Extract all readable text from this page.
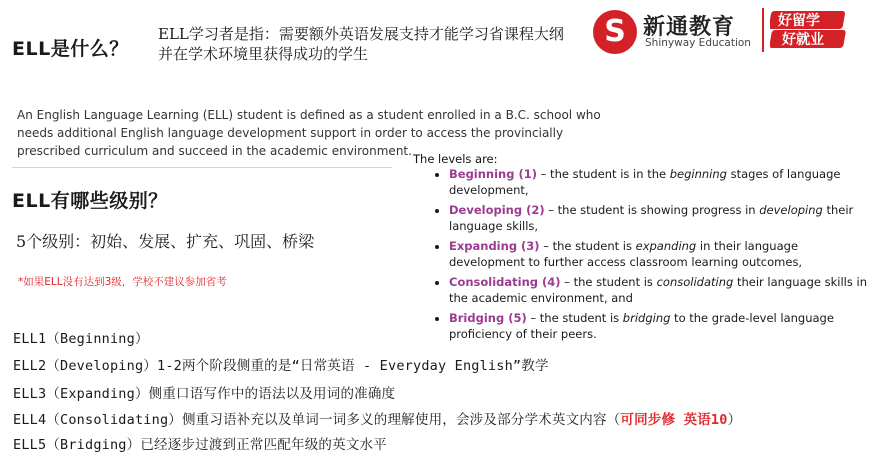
ELL是什么？
ELL学习者是指：需要额外英语发展支持才能学习省课程大纲并在学术环境里获得成功的学生
S 新通教育
Shinyway Education
好留学
好就业
An English Language Learning (ELL) student is defined as a student enrolled in a B.C. school who needs additional English language development support in order to access the provincially prescribed curriculum and succeed in the academic environment.
ELL有哪些级别？
5个级别：初始、发展、扩充、巩固、桥梁
*如果ELL没有达到3级，学校不建议参加省考
The levels are:
• Beginning (1) – the student is in the beginning stages of language development,
• Developing (2) – the student is showing progress in developing their language skills,
• Expanding (3) – the student is expanding in their language development to further access classroom learning outcomes,
• Consolidating (4) – the student is consolidating their language skills in the academic environment, and
• Bridging (5) – the student is bridging to the grade-level language proficiency of their peers.
ELL1（Beginning）
ELL2（Developing）1-2两个阶段侧重的是“日常英语 - Everyday English”教学
ELL3（Expanding）侧重口语写作中的语法以及用词的准确度
ELL4（Consolidating）侧重习语补充以及单词一词多义的理解使用，会涉及部分学术英文内容（可同步修 英语10）
ELL5（Bridging）已经逐步过渡到正常匹配年级的英文水平
